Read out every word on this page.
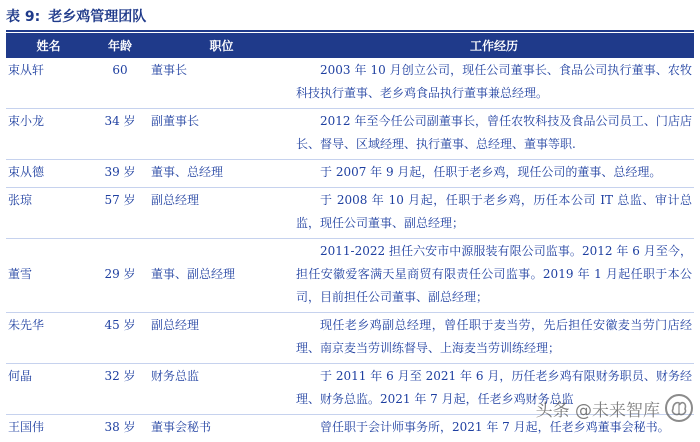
表 9: 老乡鸡管理团队
姓名	年龄	职位	工作经历
束从轩	60	董事长	2003 年 10 月创立公司，现任公司董事长、食品公司执行董事、农牧科技执行董事、老乡鸡食品执行董事兼总经理。

束小龙	34 岁	副董事长	2012 年至今任公司副董事长，曾任农牧科技及食品公司员工、门店店长、督导、区域经理、执行董事、总经理、董事等职.

束从德	39 岁	董事、总经理	于 2007 年 9 月起，任职于老乡鸡，现任公司的董事、总经理。

张琼	57 岁	副总经理	于 2008 年 10 月起，任职于老乡鸡，历任本公司 IT 总监、审计总监，现任公司董事、副总经理；

董雪	29 岁	董事、副总经理	2011-2022 担任六安市中源服装有限公司监事。2012 年 6 月至今，担任安徽爱客满天星商贸有限责任公司监事。2019 年 1 月起任职于本公司，目前担任公司董事、副总经理；

朱先华	45 岁	副总经理	现任老乡鸡副总经理，曾任职于麦当劳，先后担任安徽麦当劳门店经理、南京麦当劳训练督导、上海麦当劳训练经理；

何晶	32 岁	财务总监	于 2011 年 6 月至 2021 年 6 月，历任老乡鸡有限财务职员、财务经理、财务总监。2021 年 7 月起，任老乡鸡财务总监

王国伟	38 岁	董事会秘书	曾任职于会计师事务所，2021 年 7 月起，任老乡鸡董事会秘书。

头条 @未来智库
